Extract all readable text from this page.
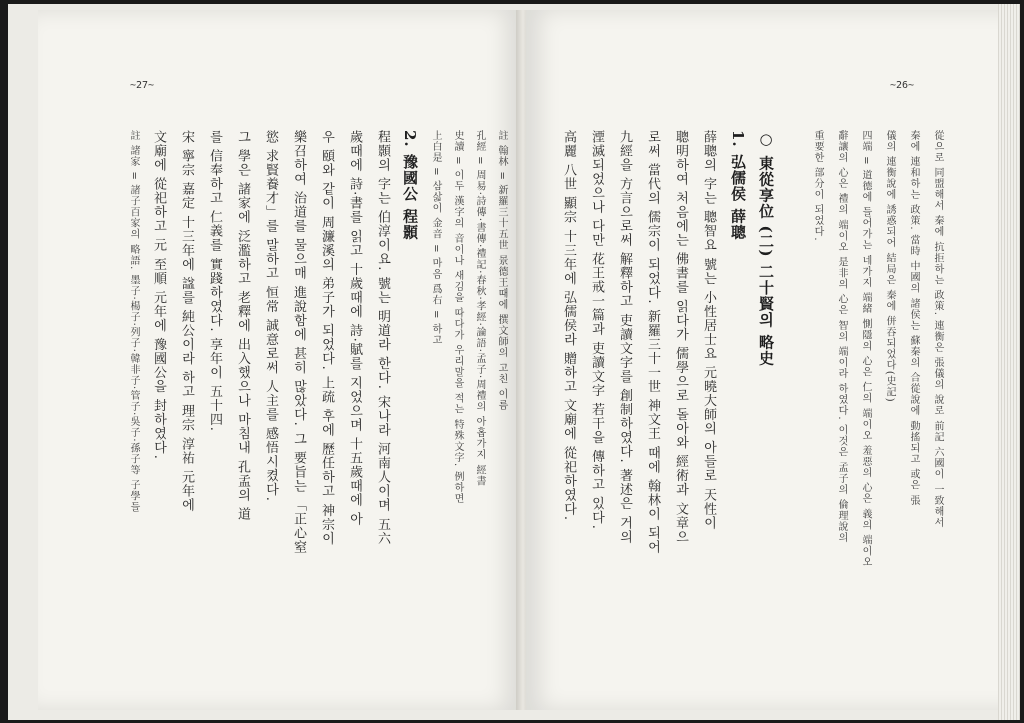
~27~
註 諸家 = 諸子百家의 略語. 墨子·楊子·列子·韓非子·管子·吳子·孫子等 子學들 文廟에 從祀하고 元 至順 元年에 豫國公을 封하였다. 宋 寧宗 嘉定 十三年에 諡를 純公이라 하고 理宗 淳祐 元年에 를 信奉하고 仁義를 實踐하였다. 享年이 五十四. 그 學은 諸家에 泛濫하고 老釋에 出入했으나 마침내 孔孟의 道 慾 求賢養才」를 말하고 恒常 誠意로써 人主를 感悟시켰다. 樂召하여 治道를 물으매 進說함에 甚히 많았다. 그 要旨는 「正心窒 우 頤와 같이 周濂溪의 弟子가 되었다. 上疏 후에 歷任하고 神宗이 歲때에 詩·書를 읽고 十歲때에 詩·賦를 지었으며 十五歲때에 아 程顥의 字는 伯淳이요. 號는 明道라 한다. 宋나라 河南人이며 五六 2. 豫國公 程顥 上白是 = 삼삷이 金音 = 마음 爲右 = 하고 史讀 = 이두 漢字의 音이나 새김을 따다가 우리말을 적는 特殊文字. 例하면 孔經 = 周易·詩傳·書傳·禮記·春秋·孝經·論語·孟子·周禮의 아홉가지 經書 註 翰林 = 新羅三十五世 景德王때에 撰文師의 고친 이름
~26~
高麗 八世 顯宗 十三年에 弘儒侯라 贈하고 文廟에 從祀하였다. 湮滅되었으나 다만 花王戒一篇과 吏讀文字 若干을 傳하고 있다. 九經을 方言으로써 解釋하고 吏讀文字를 創制하였다. 著述은 거의 로써 當代의 儒宗이 되었다. 新羅三十一世 神文王 때에 翰林이 되어 聰明하여 처음에는 佛書를 읽다가 儒學으로 돌아와 經術과 文章으 薛聰의 字는 聰智요 號는 小性居士요 元曉大師의 아들로 天性이 1. 弘儒侯 薛聰 ○ 東從享位 (二) 二十賢의 略史	重要한 部分이 되었다. 辭讓의 心은 禮의 端이오 是非의 心은 智의 端이라 하였다. 이것은 孟子의 倫理說의 四端 = 道德에 들어가는 네가지 端緒 惻隱의 心은 仁의 端이오 羞惡의 心은 義의 端이오 儀의 連衡說에 誘惑되어 結局은 秦에 併吞되었다(史記) 秦에 連和하는 政策. 當時 中國의 諸侯는 蘇秦의 合從說에 動搖되고 或은 張 從으로 同盟해서 秦에 抗拒하는 政策. 連衡은 張儀의 說로 前記 六國이 一致해서
